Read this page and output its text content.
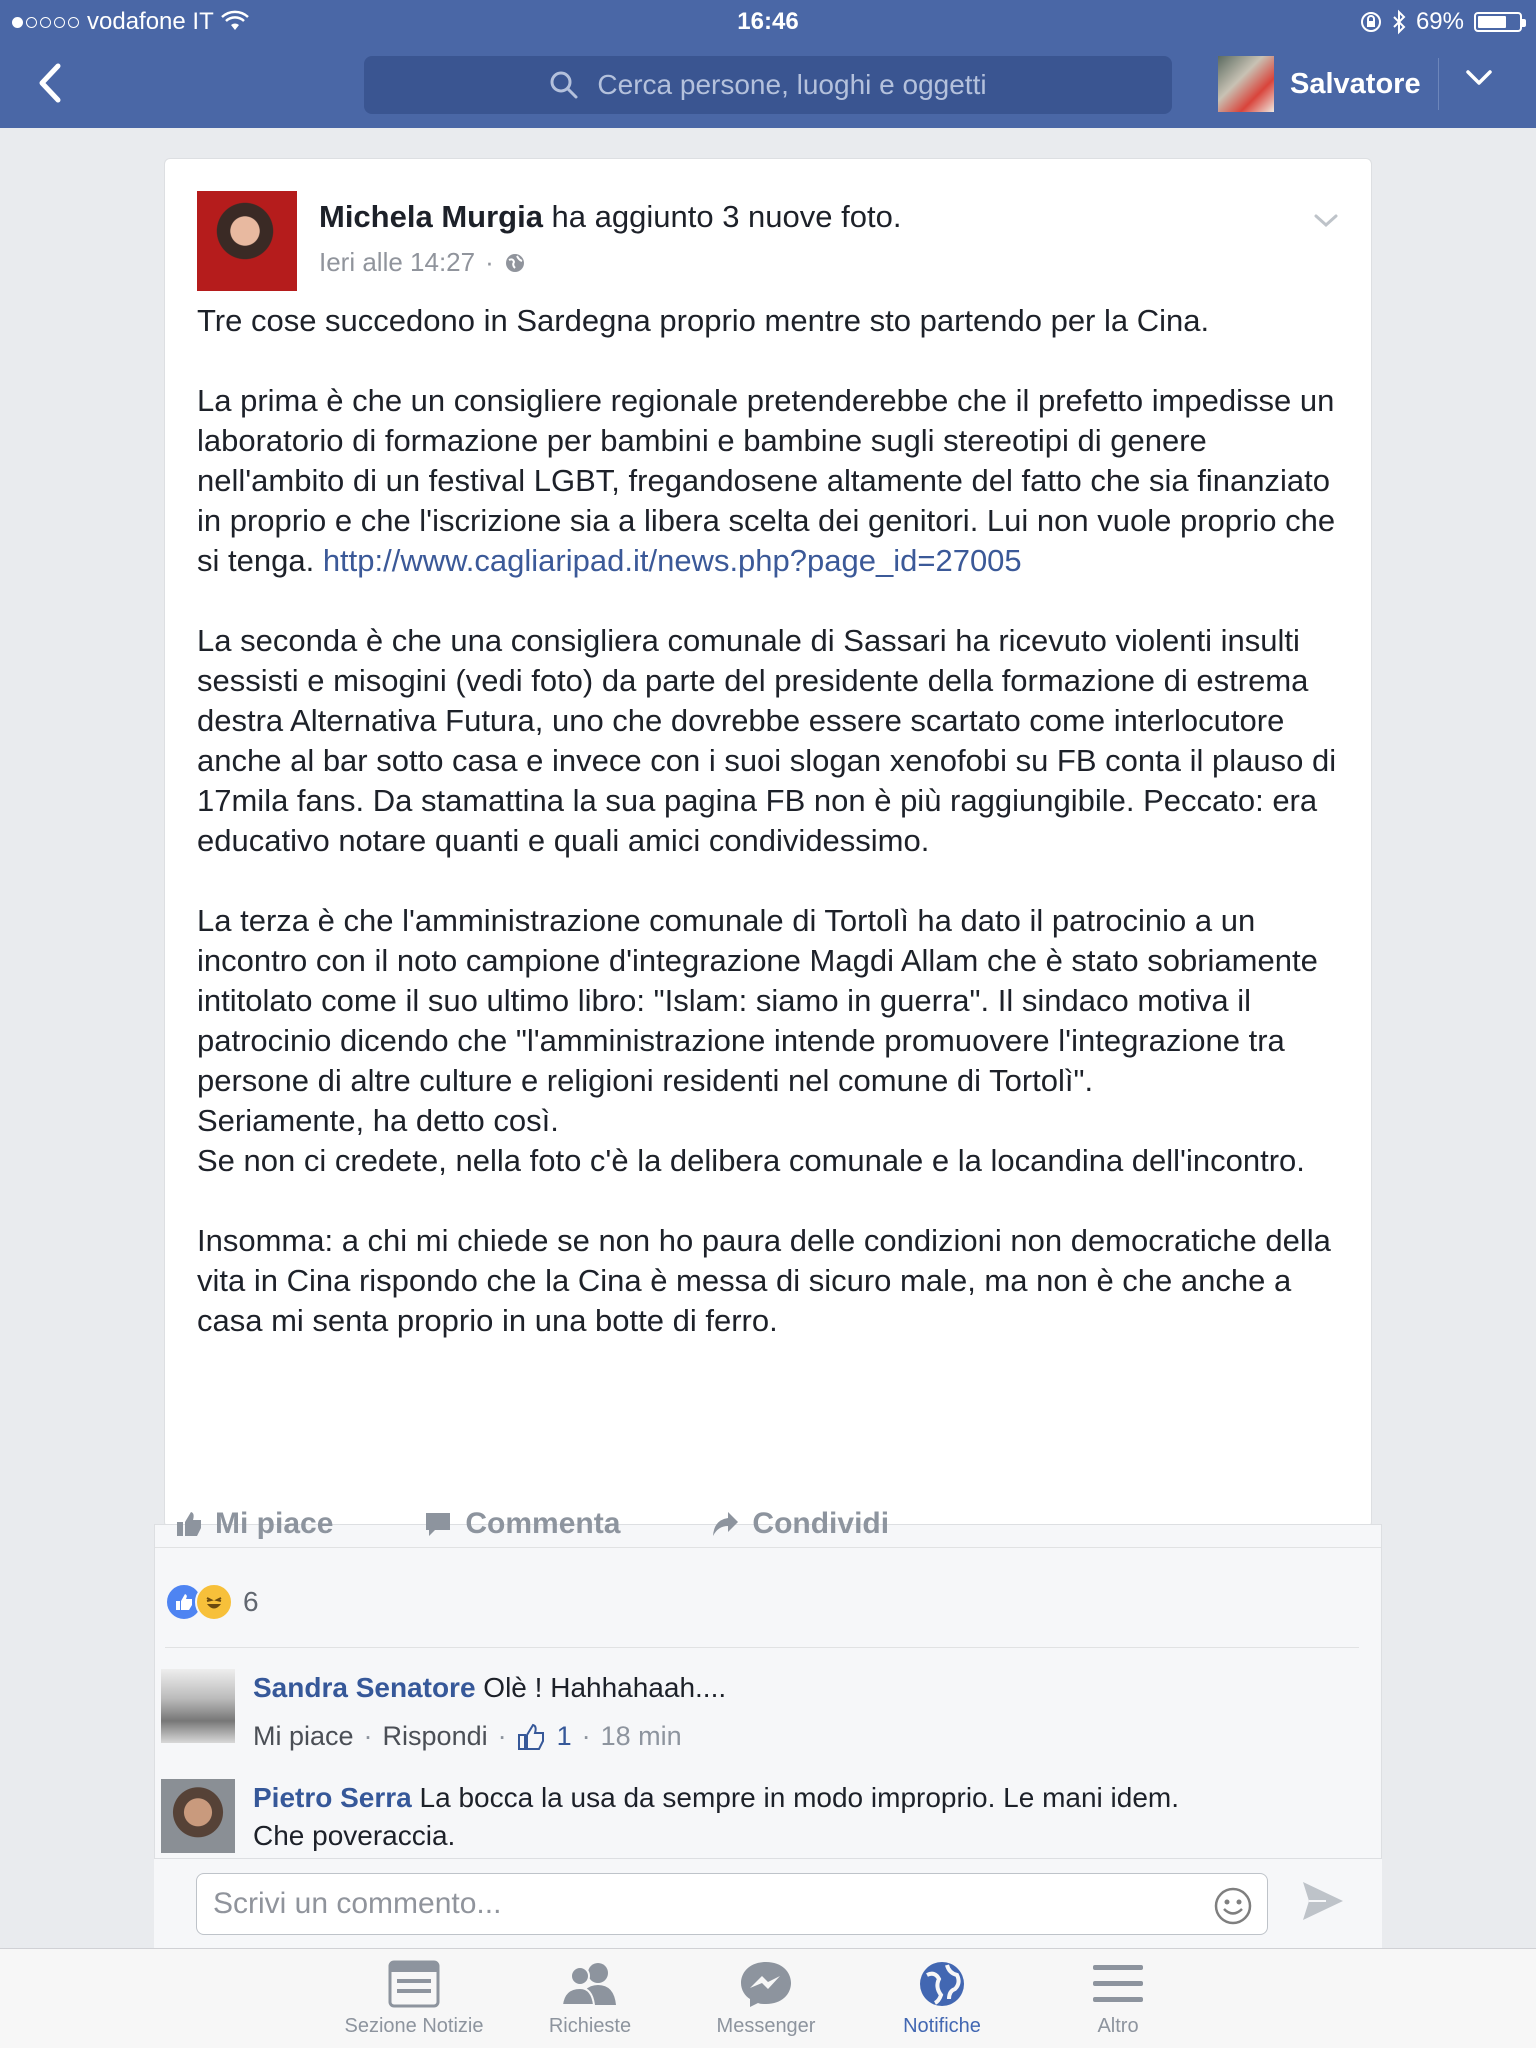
vodafone IT	16:46	69%
Cerca persone, luoghi e oggetti	Salvatore
Michela Murgia ha aggiunto 3 nuove foto.
Ieri alle 14:27 ·

Tre cose succedono in Sardegna proprio mentre sto partendo per la Cina.

La prima è che un consigliere regionale pretenderebbe che il prefetto impedisse un laboratorio di formazione per bambini e bambine sugli stereotipi di genere nell'ambito di un festival LGBT, fregandosene altamente del fatto che sia finanziato in proprio e che l'iscrizione sia a libera scelta dei genitori. Lui non vuole proprio che si tenga. http://www.cagliaripad.it/news.php?page_id=27005

La seconda è che una consigliera comunale di Sassari ha ricevuto violenti insulti sessisti e misogini (vedi foto) da parte del presidente della formazione di estrema destra Alternativa Futura, uno che dovrebbe essere scartato come interlocutore anche al bar sotto casa e invece con i suoi slogan xenofobi su FB conta il plauso di 17mila fans. Da stamattina la sua pagina FB non è più raggiungibile. Peccato: era educativo notare quanti e quali amici condividessimo.

La terza è che l'amministrazione comunale di Tortolì ha dato il patrocinio a un incontro con il noto campione d'integrazione Magdi Allam che è stato sobriamente intitolato come il suo ultimo libro: "Islam: siamo in guerra". Il sindaco motiva il patrocinio dicendo che "l'amministrazione intende promuovere l'integrazione tra persone di altre culture e religioni residenti nel comune di Tortolì".

Seriamente, ha detto così.

Se non ci credete, nella foto c'è la delibera comunale e la locandina dell'incontro.

Insomma: a chi mi chiede se non ho paura delle condizioni non democratiche della vita in Cina rispondo che la Cina è messa di sicuro male, ma non è che anche a casa mi senta proprio in una botte di ferro.

Mi piace	Commenta	Condividi
6
Sandra Senatore Olè ! Hahhahaah....
Mi piace · Rispondi · 1 · 18 min
Pietro Serra La bocca la usa da sempre in modo improprio. Le mani idem.
Che poveraccia.
Scrivi un commento...
Sezione Notizie	Richieste	Messenger	Notifiche	Altro
